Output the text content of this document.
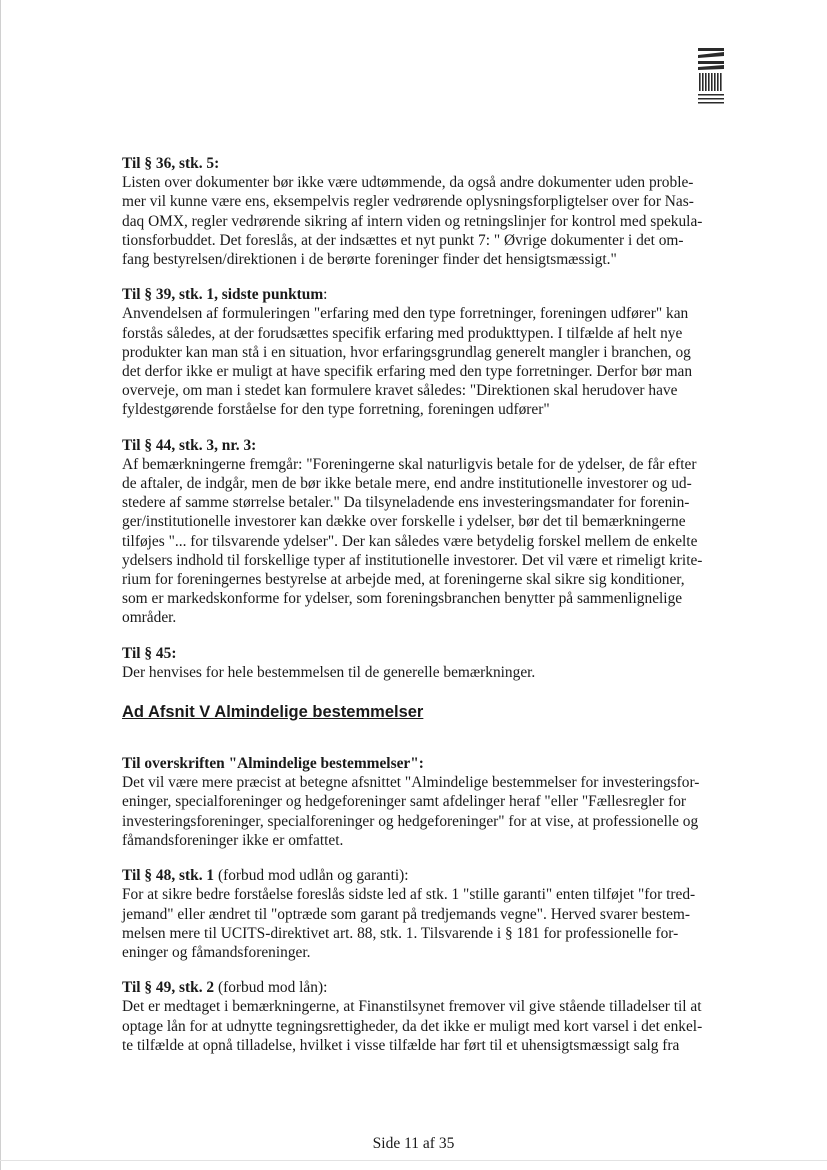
Til § 36, stk. 5:

Listen over dokumenter bør ikke være udtømmende, da også andre dokumenter uden proble-
mer vil kunne være ens, eksempelvis regler vedrørende oplysningsforpligtelser over for Nas-
daq OMX, regler vedrørende sikring af intern viden og retningslinjer for kontrol med spekula-
tionsforbuddet. Det foreslås, at der indsættes et nyt punkt 7: " Øvrige dokumenter i det om-
fang bestyrelsen/direktionen i de berørte foreninger finder det hensigtsmæssigt."

Til § 39, stk. 1, sidste punktum:

Anvendelsen af formuleringen "erfaring med den type forretninger, foreningen udfører" kan
forstås således, at der forudsættes specifik erfaring med produkttypen. I tilfælde af helt nye
produkter kan man stå i en situation, hvor erfaringsgrundlag generelt mangler i branchen, og
det derfor ikke er muligt at have specifik erfaring med den type forretninger. Derfor bør man
overveje, om man i stedet kan formulere kravet således: "Direktionen skal herudover have
fyldestgørende forståelse for den type forretning, foreningen udfører"

Til § 44, stk. 3, nr. 3:

Af bemærkningerne fremgår: "Foreningerne skal naturligvis betale for de ydelser, de får efter
de aftaler, de indgår, men de bør ikke betale mere, end andre institutionelle investorer og ud-
stedere af samme størrelse betaler." Da tilsyneladende ens investeringsmandater for forenin-
ger/institutionelle investorer kan dække over forskelle i ydelser, bør det til bemærkningerne
tilføjes "... for tilsvarende ydelser". Der kan således være betydelig forskel mellem de enkelte
ydelsers indhold til forskellige typer af institutionelle investorer. Det vil være et rimeligt krite-
rium for foreningernes bestyrelse at arbejde med, at foreningerne skal sikre sig konditioner,
som er markedskonforme for ydelser, som foreningsbranchen benytter på sammenlignelige
områder.

Til § 45:

Der henvises for hele bestemmelsen til de generelle bemærkninger.

Ad Afsnit V Almindelige bestemmelser
Til overskriften "Almindelige bestemmelser":

Det vil være mere præcist at betegne afsnittet "Almindelige bestemmelser for investeringsfor-
eninger, specialforeninger og hedgeforeninger samt afdelinger heraf "eller "Fællesregler for
investeringsforeninger, specialforeninger og hedgeforeninger" for at vise, at professionelle og
fåmandsforeninger ikke er omfattet.

Til § 48, stk. 1 (forbud mod udlån og garanti):

For at sikre bedre forståelse foreslås sidste led af stk. 1 "stille garanti" enten tilføjet "for tred-
jemand" eller ændret til "optræde som garant på tredjemands vegne". Herved svarer bestem-
melsen mere til UCITS-direktivet art. 88, stk. 1. Tilsvarende i § 181 for professionelle for-
eninger og fåmandsforeninger.

Til § 49, stk. 2 (forbud mod lån):

Det er medtaget i bemærkningerne, at Finanstilsynet fremover vil give stående tilladelser til at
optage lån for at udnytte tegningsrettigheder, da det ikke er muligt med kort varsel i det enkel-
te tilfælde at opnå tilladelse, hvilket i visse tilfælde har ført til et uhensigtsmæssigt salg fra

Side 11 af 35
